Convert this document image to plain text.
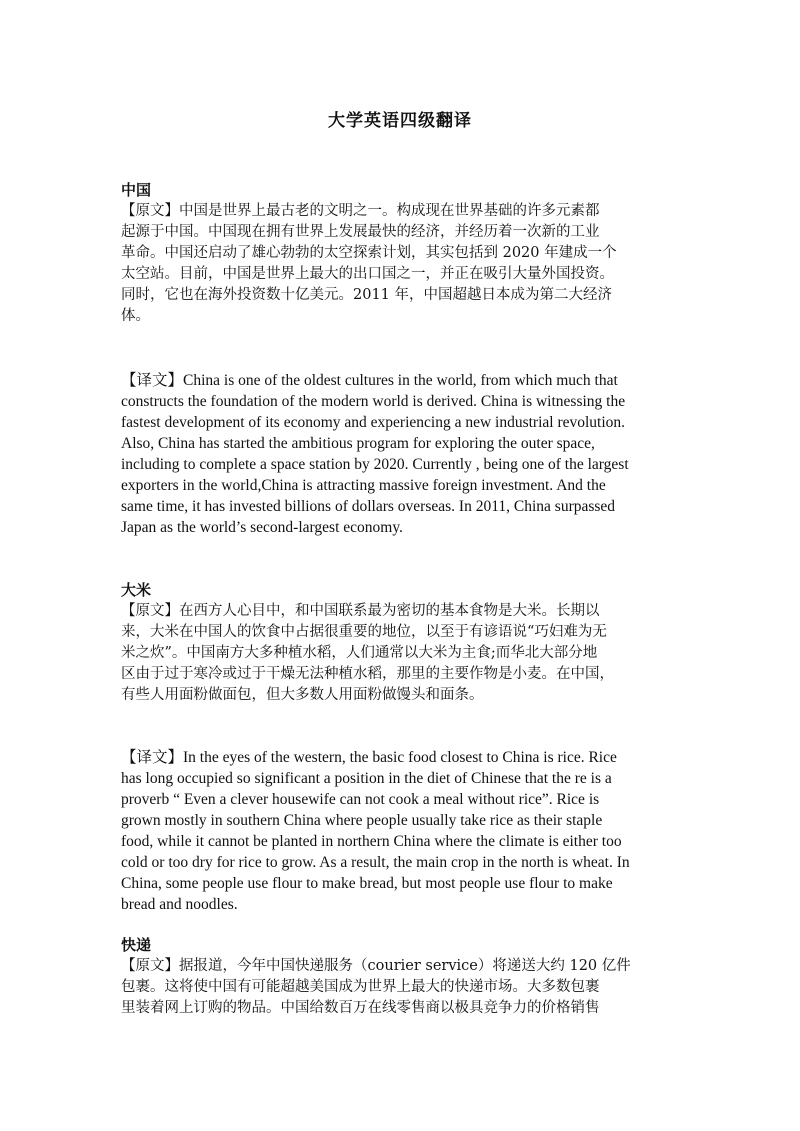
大学英语四级翻译
中国
【原文】中国是世界上最古老的文明之一。构成现在世界基础的许多元素都
起源于中国。中国现在拥有世界上发展最快的经济，并经历着一次新的工业
革命。中国还启动了雄心勃勃的太空探索计划，其实包括到 2020 年建成一个
太空站。目前，中国是世界上最大的出口国之一，并正在吸引大量外国投资。
同时，它也在海外投资数十亿美元。2011 年，中国超越日本成为第二大经济
体。
【译文】China is one of the oldest cultures in the world, from which much that
constructs the foundation of the modern world is derived. China is witnessing the
fastest development of its economy and experiencing a new industrial revolution.
Also, China has started the ambitious program for exploring the outer space,
including to complete a space station by 2020. Currently , being one of the largest
exporters in the world,China is attracting massive foreign investment. And the
same time, it has invested billions of dollars overseas. In 2011, China surpassed
Japan as the world’s second-largest economy.
大米
【原文】在西方人心目中，和中国联系最为密切的基本食物是大米。长期以
来，大米在中国人的饮食中占据很重要的地位，以至于有谚语说“巧妇难为无
米之炊”。中国南方大多种植水稻，人们通常以大米为主食;而华北大部分地
区由于过于寒冷或过于干燥无法种植水稻，那里的主要作物是小麦。在中国，
有些人用面粉做面包，但大多数人用面粉做馒头和面条。
【译文】In the eyes of the western, the basic food closest to China is rice. Rice
has long occupied so significant a position in the diet of Chinese that the re is a
proverb “ Even a clever housewife can not cook a meal without rice”. Rice is
grown mostly in southern China where people usually take rice as their staple
food, while it cannot be planted in northern China where the climate is either too
cold or too dry for rice to grow. As a result, the main crop in the north is wheat. In
China, some people use flour to make bread, but most people use flour to make
bread and noodles.
快递
【原文】据报道，今年中国快递服务（courier service）将递送大约 120 亿件
包裹。这将使中国有可能超越美国成为世界上最大的快递市场。大多数包裹
里装着网上订购的物品。中国给数百万在线零售商以极具竞争力的价格销售
